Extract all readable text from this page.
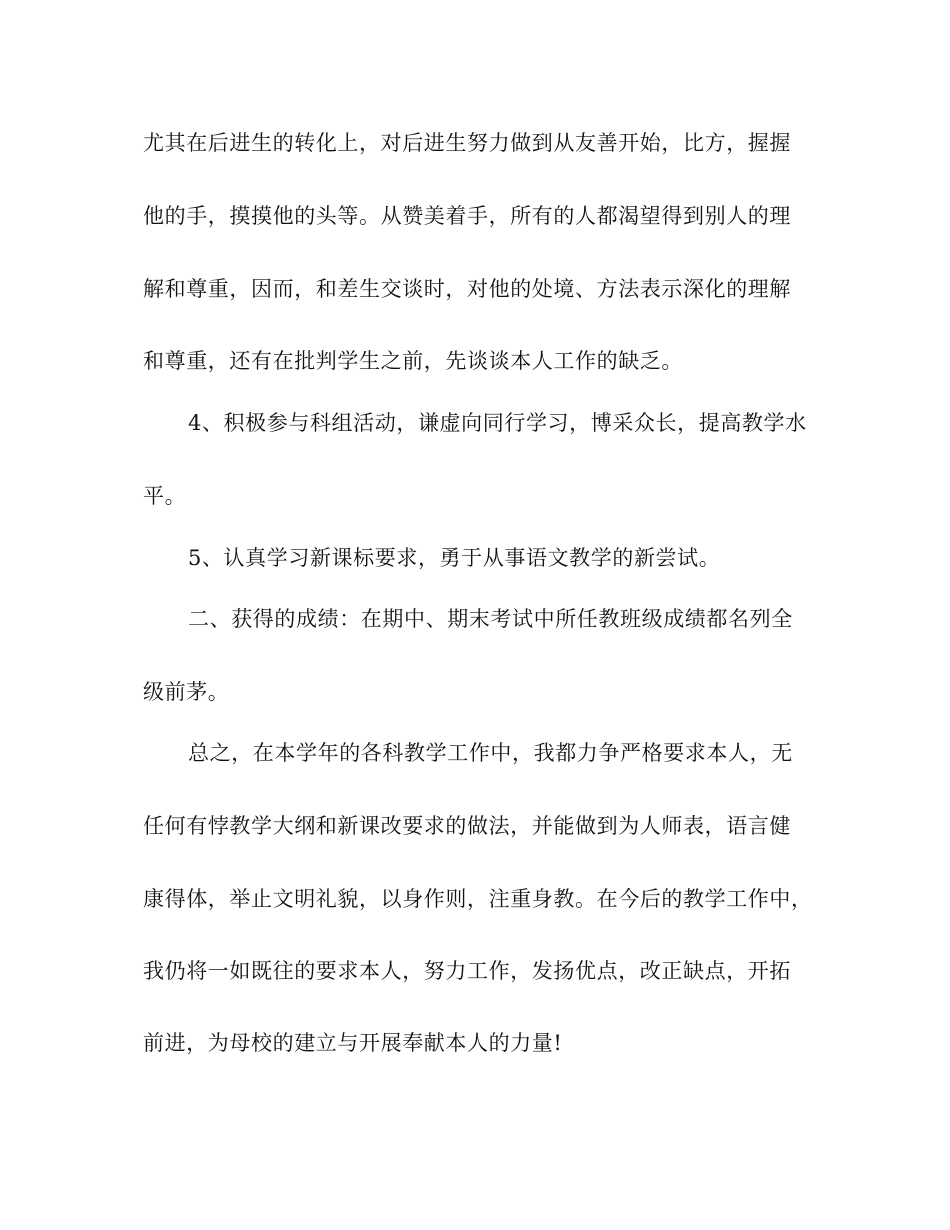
尤其在后进生的转化上，对后进生努力做到从友善开始，比方，握握
他的手，摸摸他的头等。从赞美着手，所有的人都渴望得到别人的理
解和尊重，因而，和差生交谈时，对他的处境、方法表示深化的理解
和尊重，还有在批判学生之前，先谈谈本人工作的缺乏。
4、积极参与科组活动，谦虚向同行学习，博采众长，提高教学水
平。
5、认真学习新课标要求，勇于从事语文教学的新尝试。
二、获得的成绩：在期中、期末考试中所任教班级成绩都名列全
级前茅。
总之，在本学年的各科教学工作中，我都力争严格要求本人，无
任何有悖教学大纲和新课改要求的做法，并能做到为人师表，语言健
康得体，举止文明礼貌，以身作则，注重身教。在今后的教学工作中，
我仍将一如既往的要求本人，努力工作，发扬优点，改正缺点，开拓
前进，为母校的建立与开展奉献本人的力量!
